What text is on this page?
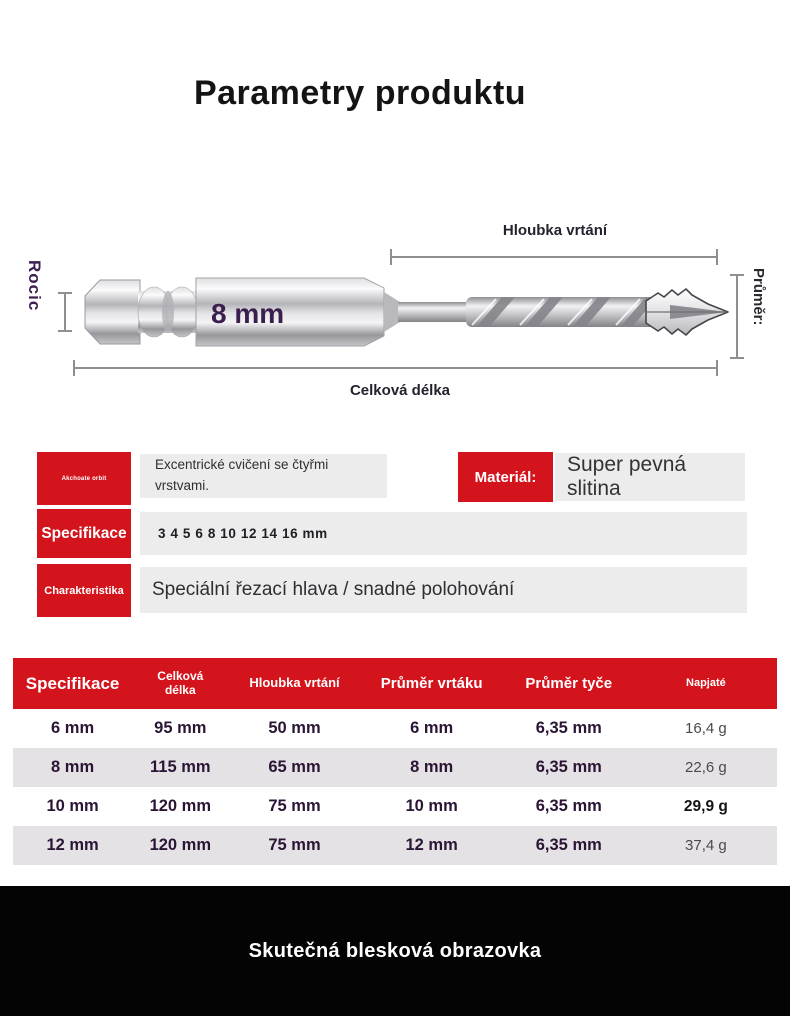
Parametry produktu
Hloubka vrtání
Rocic	Průměr:
Celková délka
8 mm
Akchoate orbit
Excentrické cvičení se čtyřmi
vrstvami.	Materiál:
Super pevná slitina
Specifikace 3 4 5 6 8 10 12 14 16 mm
Charakteristika Speciální řezací hlava / snadné polohování
Specifikace	Celková délka	Hloubka vrtání	Průměr vrtáku	Průměr tyče	Napjaté
6 mm	95 mm	50 mm	6 mm	6,35 mm	16,4 g
8 mm	115 mm	65 mm	8 mm	6,35 mm	22,6 g
10 mm	120 mm	75 mm	10 mm	6,35 mm	29,9 g
12 mm	120 mm	75 mm	12 mm	6,35 mm	37,4 g
Skutečná blesková obrazovka
